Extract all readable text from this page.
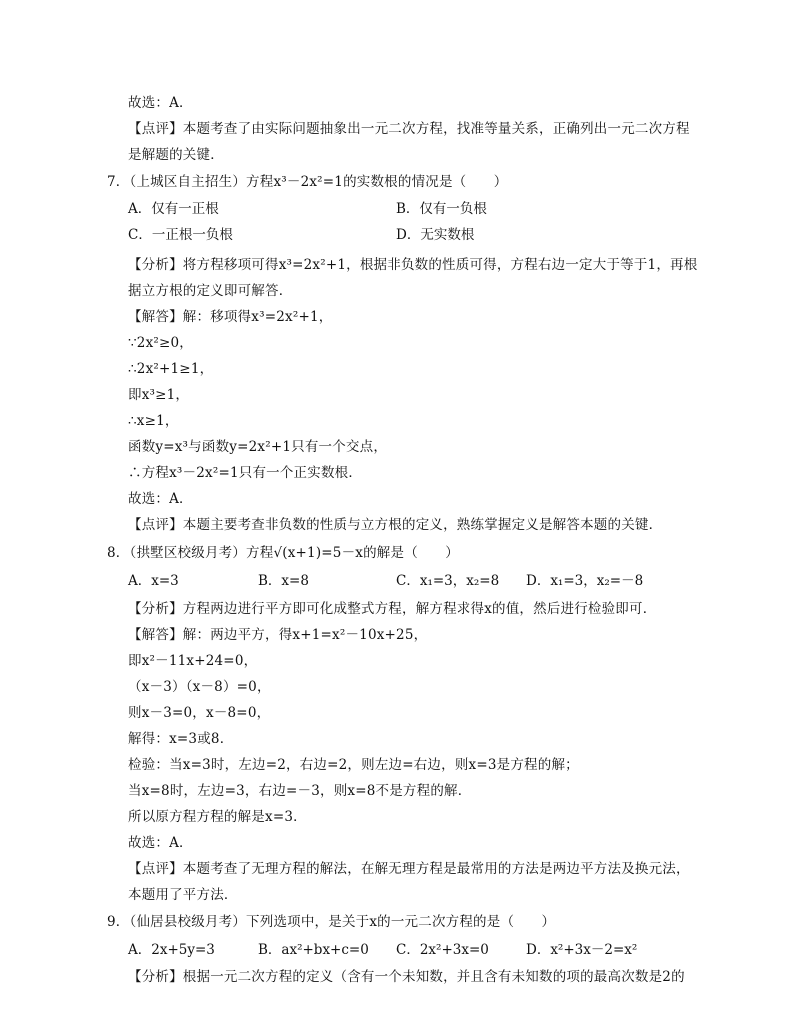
故选：A．
【点评】本题考查了由实际问题抽象出一元二次方程，找准等量关系，正确列出一元二次方程
是解题的关键．
7．（上城区自主招生）方程x³－2x²=1的实数根的情况是（　　）
【分析】将方程移项可得x³=2x²+1，根据非负数的性质可得，方程右边一定大于等于1，再根
据立方根的定义即可解答．
【解答】解：移项得x³=2x²+1，
∵2x²≥0，
∴2x²+1≥1，
即x³≥1，
∴x≥1，
函数y=x³与函数y=2x²+1只有一个交点，
∴方程x³－2x²=1只有一个正实数根．
故选：A．
【点评】本题主要考查非负数的性质与立方根的定义，熟练掌握定义是解答本题的关键．
8．（拱墅区校级月考）方程√(x+1)=5－x的解是（　　）
【分析】方程两边进行平方即可化成整式方程，解方程求得x的值，然后进行检验即可．
【解答】解：两边平方，得x+1=x²－10x+25，
即x²－11x+24=0，
（x－3）（x－8）=0，
则x－3=0，x－8=0，
解得：x=3或8．
检验：当x=3时，左边=2，右边=2，则左边=右边，则x=3是方程的解；
当x=8时，左边=3，右边=－3，则x=8不是方程的解．
所以原方程方程的解是x=3．
故选：A．
【点评】本题考查了无理方程的解法，在解无理方程是最常用的方法是两边平方法及换元法，
本题用了平方法．
9．（仙居县校级月考）下列选项中，是关于x的一元二次方程的是（　　）
【分析】根据一元二次方程的定义（含有一个未知数，并且含有未知数的项的最高次数是2的
A．仅有一正根	B．仅有一负根
C．一正根一负根	D．无实数根
A．x=3	B．x=8	C．x₁=3，x₂=8 D．x₁=3，x₂=－8
A．2x+5y=3	B．ax²+bx+c=0 C．2x²+3x=0	D．x²+3x－2=x²
